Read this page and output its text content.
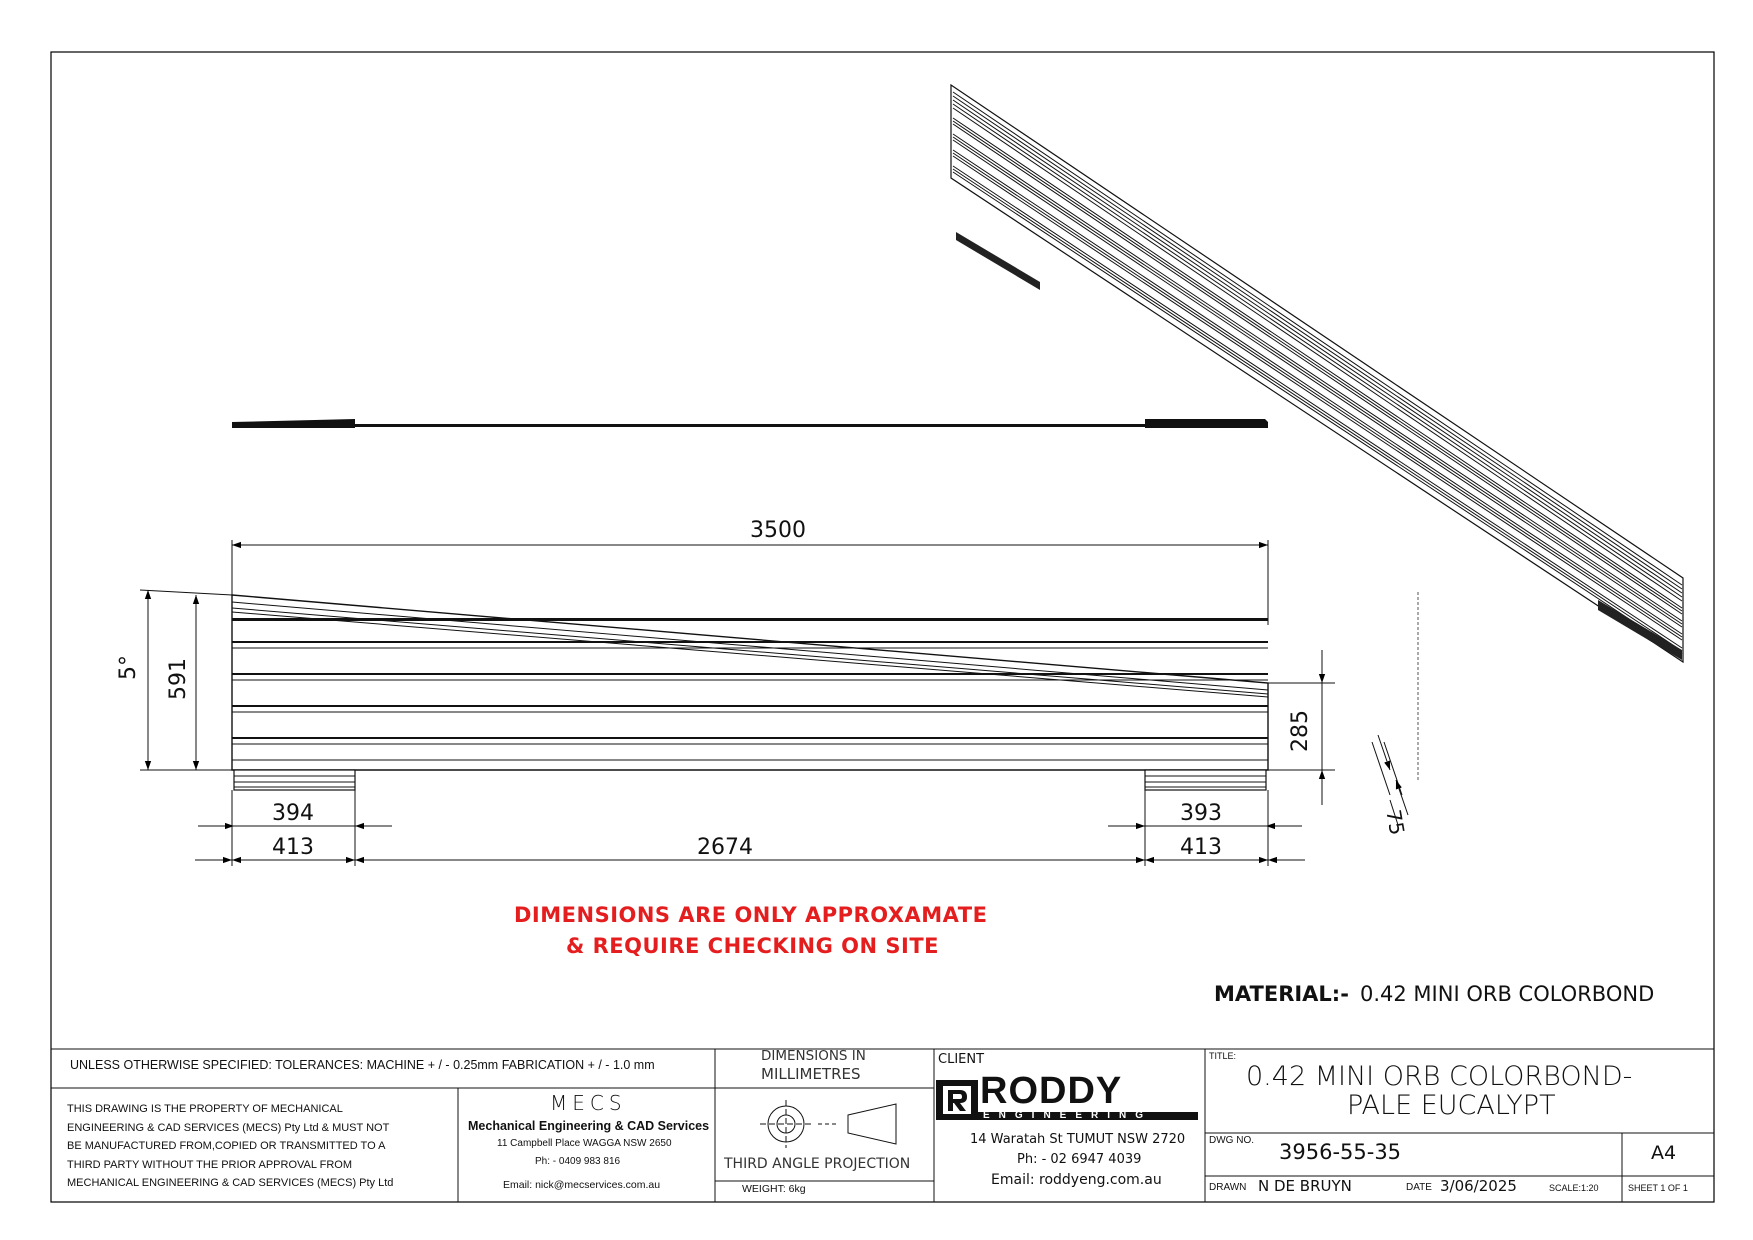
3500
5° 591
285
394
413	2674
393
413
75
DIMENSIONS ARE ONLY APPROXAMATE
& REQUIRE CHECKING ON SITE
MATERIAL:- 0.42 MINI ORB COLORBOND
UNLESS OTHERWISE SPECIFIED: TOLERANCES: MACHINE + / - 0.25mm FABRICATION + / - 1.0 mm
DIMENSIONS IN
MILLIMETRES
THIS DRAWING IS THE PROPERTY OF MECHANICAL
ENGINEERING & CAD SERVICES (MECS) Pty Ltd & MUST NOT
BE MANUFACTURED FROM,COPIED OR TRANSMITTED TO A
THIRD PARTY WITHOUT THE PRIOR APPROVAL FROM
MECHANICAL ENGINEERING & CAD SERVICES (MECS) Pty Ltd
MECS
Mechanical Engineering & CAD Services
11 Campbell Place WAGGA NSW 2650
Ph: - 0409 983 816
Email: nick@mecservices.com.au
THIRD ANGLE PROJECTION
WEIGHT: 6kg
CLIENT
RODDY
ENGINEERING
14 Waratah St TUMUT NSW 2720
Ph: - 02 6947 4039
Email: roddyeng.com.au
TITLE:
0.42 MINI ORB COLORBOND-
PALE EUCALYPT
DWG NO. 3956-55-35	A4
DRAWN N DE BRUYN	DATE 3/06/2025	SCALE:1:20	SHEET 1 OF 1
